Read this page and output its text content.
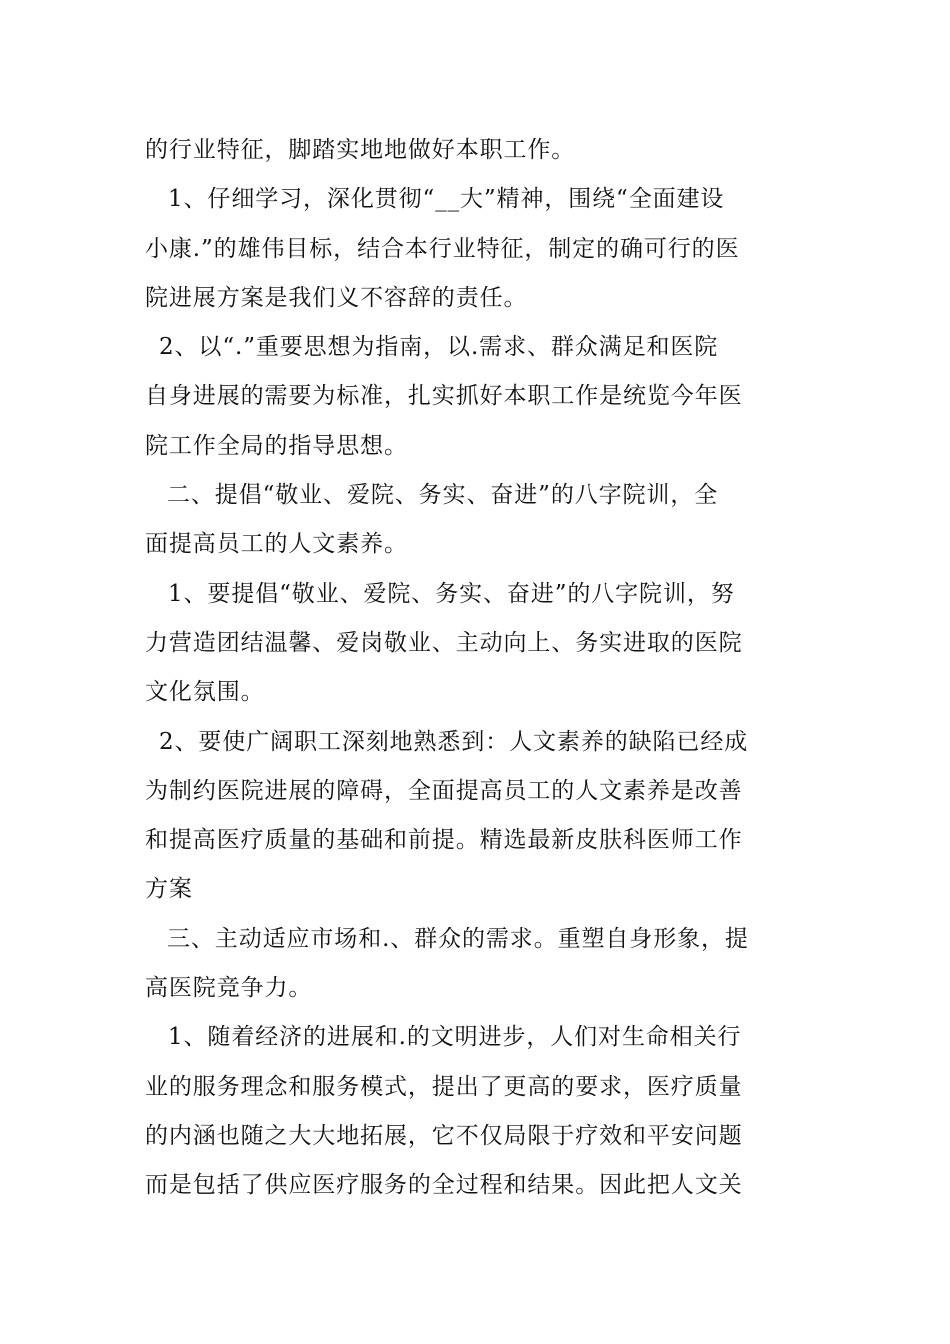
的行业特征，脚踏实地地做好本职工作。

1、仔细学习，深化贯彻“__大”精神，围绕“全面建设
小康.”的雄伟目标，结合本行业特征，制定的确可行的医
院进展方案是我们义不容辞的责任。

2、以“.”重要思想为指南，以.需求、群众满足和医院
自身进展的需要为标准，扎实抓好本职工作是统览今年医
院工作全局的指导思想。

二、提倡“敬业、爱院、务实、奋进”的八字院训，全
面提高员工的人文素养。

1、要提倡“敬业、爱院、务实、奋进”的八字院训，努
力营造团结温馨、爱岗敬业、主动向上、务实进取的医院
文化氛围。

2、要使广阔职工深刻地熟悉到：人文素养的缺陷已经成
为制约医院进展的障碍，全面提高员工的人文素养是改善
和提高医疗质量的基础和前提。精选最新皮肤科医师工作
方案

三、主动适应市场和.、群众的需求。重塑自身形象，提
高医院竞争力。

1、随着经济的进展和.的文明进步，人们对生命相关行
业的服务理念和服务模式，提出了更高的要求，医疗质量
的内涵也随之大大地拓展，它不仅局限于疗效和平安问题
而是包括了供应医疗服务的全过程和结果。因此把人文关
